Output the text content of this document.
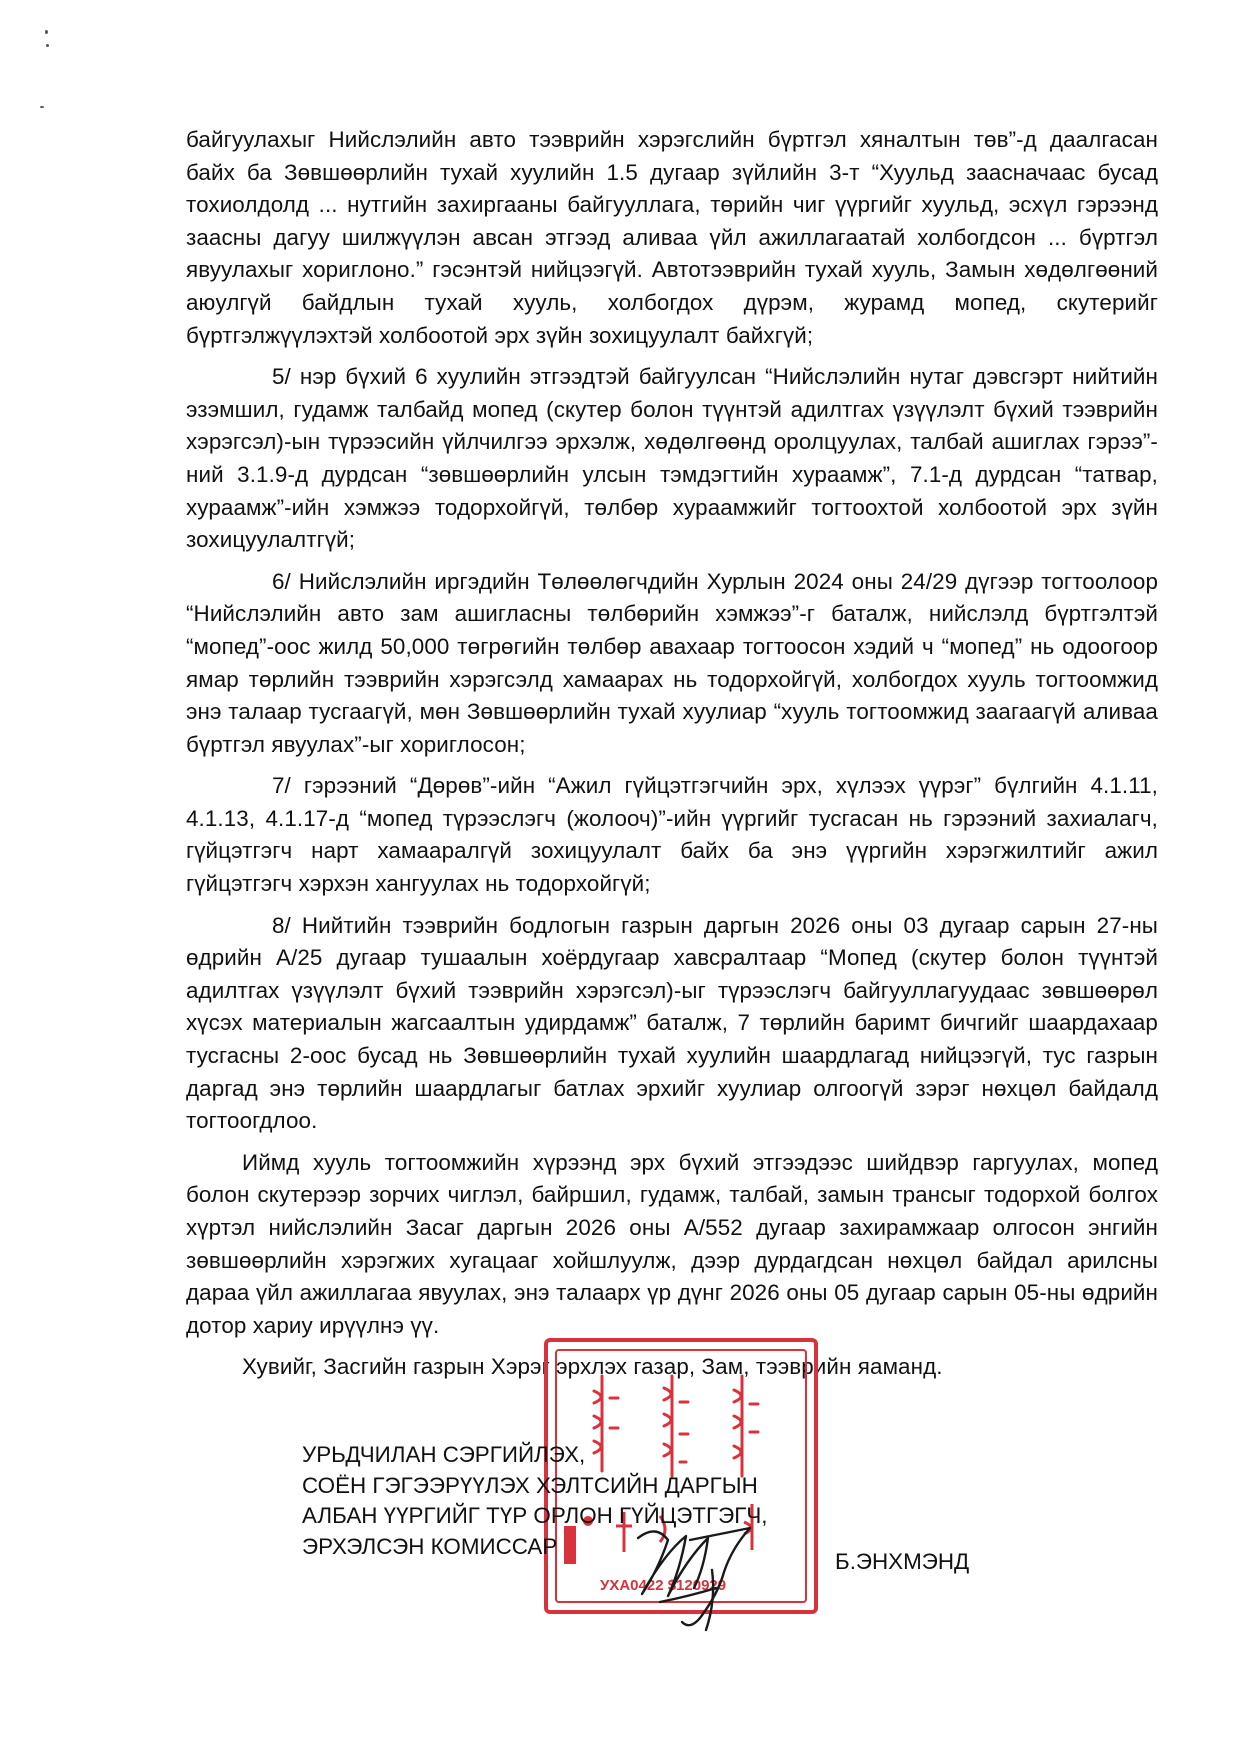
байгуулахыг Нийслэлийн авто тээврийн хэрэгслийн бүртгэл хяналтын төв”-д даалгасан байх ба Зөвшөөрлийн тухай хуулийн 1.5 дугаар зүйлийн 3-т “Хуульд заасначаас бусад тохиолдолд ... нутгийн захиргааны байгууллага, төрийн чиг үүргийг хуульд, эсхүл гэрээнд заасны дагуу шилжүүлэн авсан этгээд аливаа үйл ажиллагаатай холбогдсон ... бүртгэл явуулахыг хориглоно.” гэсэнтэй нийцээгүй. Автотээврийн тухай хууль, Замын хөдөлгөөний аюулгүй байдлын тухай хууль, холбогдох дүрэм, журамд мопед, скутерийг бүртгэлжүүлэхтэй холбоотой эрх зүйн зохицуулалт байхгүй;

5/ нэр бүхий 6 хуулийн этгээдтэй байгуулсан “Нийслэлийн нутаг дэвсгэрт нийтийн эзэмшил, гудамж талбайд мопед (скутер болон түүнтэй адилтгах үзүүлэлт бүхий тээврийн хэрэгсэл)-ын түрээсийн үйлчилгээ эрхэлж, хөдөлгөөнд оролцуулах, талбай ашиглах гэрээ”-ний 3.1.9-д дурдсан “зөвшөөрлийн улсын тэмдэгтийн хураамж”, 7.1-д дурдсан “татвар, хураамж”-ийн хэмжээ тодорхойгүй, төлбөр хураамжийг тогтоохтой холбоотой эрх зүйн зохицуулалтгүй;

6/ Нийслэлийн иргэдийн Төлөөлөгчдийн Хурлын 2024 оны 24/29 дүгээр тогтоолоор “Нийслэлийн авто зам ашигласны төлбөрийн хэмжээ”-г баталж, нийслэлд бүртгэлтэй “мопед”-оос жилд 50,000 төгрөгийн төлбөр авахаар тогтоосон хэдий ч “мопед” нь одоогоор ямар төрлийн тээврийн хэрэгсэлд хамаарах нь тодорхойгүй, холбогдох хууль тогтоомжид энэ талаар тусгаагүй, мөн Зөвшөөрлийн тухай хуулиар “хууль тогтоомжид заагаагүй аливаа бүртгэл явуулах”-ыг хориглосон;

7/ гэрээний “Дөрөв”-ийн “Ажил гүйцэтгэгчийн эрх, хүлээх үүрэг” бүлгийн 4.1.11, 4.1.13, 4.1.17-д “мопед түрээслэгч (жолооч)”-ийн үүргийг тусгасан нь гэрээний захиалагч, гүйцэтгэгч нарт хамааралгүй зохицуулалт байх ба энэ үүргийн хэрэгжилтийг ажил гүйцэтгэгч хэрхэн хангуулах нь тодорхойгүй;

8/ Нийтийн тээврийн бодлогын газрын даргын 2026 оны 03 дугаар сарын 27-ны өдрийн А/25 дугаар тушаалын хоёрдугаар хавсралтаар “Мопед (скутер болон түүнтэй адилтгах үзүүлэлт бүхий тээврийн хэрэгсэл)-ыг түрээслэгч байгууллагуудаас зөвшөөрөл хүсэх материалын жагсаалтын удирдамж” баталж, 7 төрлийн баримт бичгийг шаардахаар тусгасны 2-оос бусад нь Зөвшөөрлийн тухай хуулийн шаардлагад нийцээгүй, тус газрын даргад энэ төрлийн шаардлагыг батлах эрхийг хуулиар олгоогүй зэрэг нөхцөл байдалд тогтоогдлоо.

Иймд хууль тогтоомжийн хүрээнд эрх бүхий этгээдээс шийдвэр гаргуулах, мопед болон скутерээр зорчих чиглэл, байршил, гудамж, талбай, замын трансыг тодорхой болгох хүртэл нийслэлийн Засаг даргын 2026 оны А/552 дугаар захирамжаар олгосон энгийн зөвшөөрлийн хэрэгжих хугацааг хойшлуулж, дээр дурдагдсан нөхцөл байдал арилсны дараа үйл ажиллагаа явуулах, энэ талаарх үр дүнг 2026 оны 05 дугаар сарын 05-ны өдрийн дотор хариу ирүүлнэ үү.

Хувийг, Засгийн газрын Хэрэг эрхлэх газар, Зам, тээврийн яаманд.

УХА0422 $120929
УРЬДЧИЛАН СЭРГИЙЛЭХ,
СОЁН ГЭГЭЭРҮҮЛЭХ ХЭЛТСИЙН ДАРГЫН
АЛБАН ҮҮРГИЙГ ТҮР ОРЛОН ГҮЙЦЭТГЭГЧ,
ЭРХЭЛСЭН КОМИССАР
Б.ЭНХМЭНД
